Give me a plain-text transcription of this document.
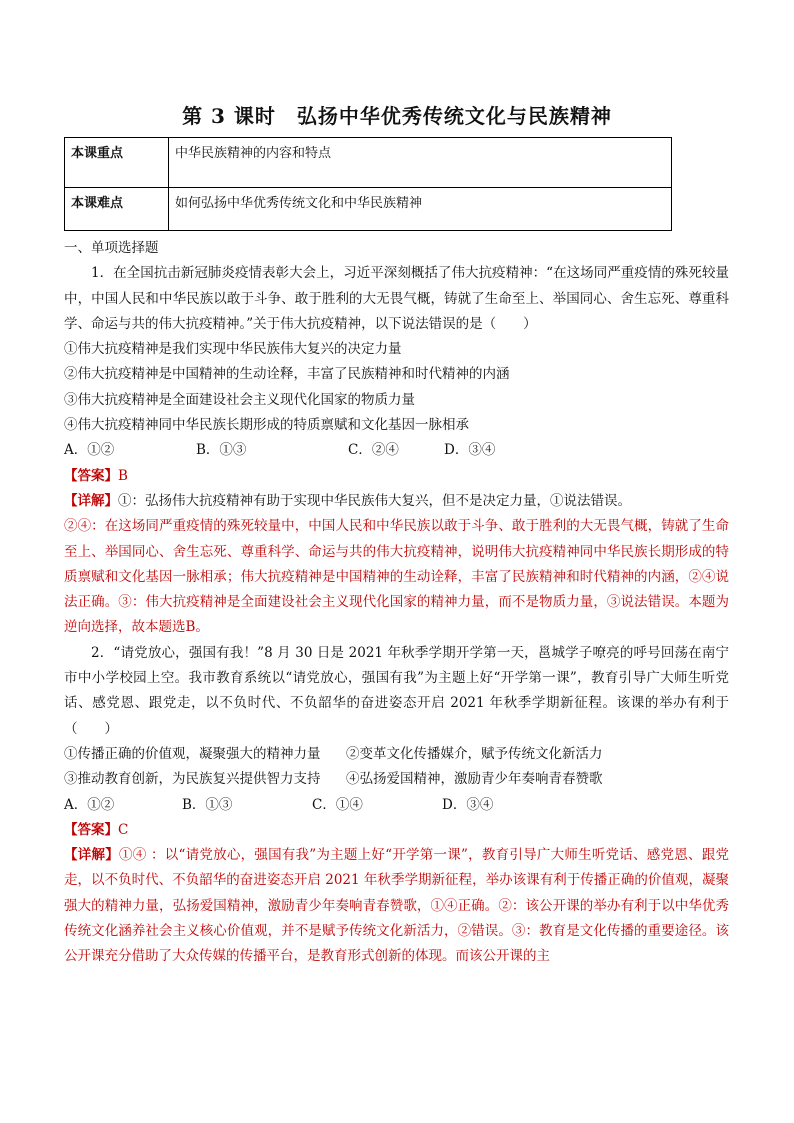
第 3 课时　弘扬中华优秀传统文化与民族精神
本课重点	中华民族精神的内容和特点
本课难点	如何弘扬中华优秀传统文化和中华民族精神

一、单项选择题

1．在全国抗击新冠肺炎疫情表彰大会上，习近平深刻概括了伟大抗疫精神：“在这场同严重疫情的殊死较量中，中国人民和中华民族以敢于斗争、敢于胜利的大无畏气概，铸就了生命至上、举国同心、舍生忘死、尊重科学、命运与共的伟大抗疫精神。”关于伟大抗疫精神，以下说法错误的是（　　）

①伟大抗疫精神是我们实现中华民族伟大复兴的决定力量

②伟大抗疫精神是中国精神的生动诠释，丰富了民族精神和时代精神的内涵

③伟大抗疫精神是全面建设社会主义现代化国家的物质力量

④伟大抗疫精神同中华民族长期形成的特质禀赋和文化基因一脉相承

A．①②	B．①③	C．②④	D．③④

【答案】B

【详解】①：弘扬伟大抗疫精神有助于实现中华民族伟大复兴，但不是决定力量，①说法错误。

②④：在这场同严重疫情的殊死较量中，中国人民和中华民族以敢于斗争、敢于胜利的大无畏气概，铸就了生命至上、举国同心、舍生忘死、尊重科学、命运与共的伟大抗疫精神，说明伟大抗疫精神同中华民族长期形成的特质禀赋和文化基因一脉相承；伟大抗疫精神是中国精神的生动诠释，丰富了民族精神和时代精神的内涵，②④说法正确。③：伟大抗疫精神是全面建设社会主义现代化国家的精神力量，而不是物质力量，③说法错误。本题为逆向选择，故本题选B。

2．“请党放心，强国有我！”8 月 30 日是 2021 年秋季学期开学第一天，邕城学子嘹亮的呼号回荡在南宁市中小学校园上空。我市教育系统以“请党放心，强国有我”为主题上好“开学第一课”，教育引导广大师生听党话、感党恩、跟党走，以不负时代、不负韶华的奋进姿态开启 2021 年秋季学期新征程。该课的举办有利于（　　）

①传播正确的价值观，凝聚强大的精神力量	②变革文化传播媒介，赋予传统文化新活力

③推动教育创新，为民族复兴提供智力支持	④弘扬爱国精神，激励青少年奏响青春赞歌

A．①②	B．①③	C．①④	D．③④

【答案】C

【详解】①④ ：以“请党放心，强国有我”为主题上好“开学第一课”，教育引导广大师生听党话、感党恩、跟党走，以不负时代、不负韶华的奋进姿态开启 2021 年秋季学期新征程，举办该课有利于传播正确的价值观，凝聚强大的精神力量，弘扬爱国精神，激励青少年奏响青春赞歌，①④正确。②：该公开课的举办有利于以中华优秀传统文化涵养社会主义核心价值观，并不是赋予传统文化新活力，②错误。③：教育是文化传播的重要途径。该公开课充分借助了大众传媒的传播平台，是教育形式创新的体现。而该公开课的主
